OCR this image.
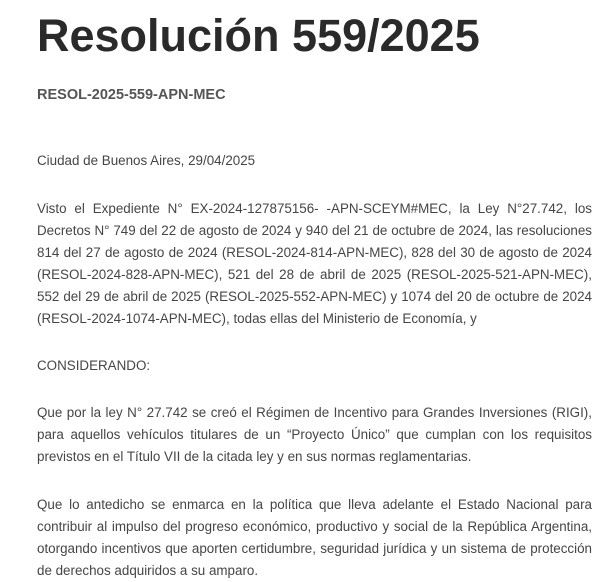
Resolución 559/2025
RESOL-2025-559-APN-MEC
Ciudad de Buenos Aires, 29/04/2025
Visto el Expediente N° EX-2024-127875156- -APN-SCEYM#MEC, la Ley N°27.742, los Decretos N° 749 del 22 de agosto de 2024 y 940 del 21 de octubre de 2024, las resoluciones 814 del 27 de agosto de 2024 (RESOL-2024-814-APN-MEC), 828 del 30 de agosto de 2024 (RESOL-2024-828-APN-MEC), 521 del 28 de abril de 2025 (RESOL-2025-521-APN-MEC), 552 del 29 de abril de 2025 (RESOL-2025-552-APN-MEC) y 1074 del 20 de octubre de 2024 (RESOL-2024-1074-APN-MEC), todas ellas del Ministerio de Economía, y
CONSIDERANDO:
Que por la ley N° 27.742 se creó el Régimen de Incentivo para Grandes Inversiones (RIGI), para aquellos vehículos titulares de un “Proyecto Único” que cumplan con los requisitos previstos en el Título VII de la citada ley y en sus normas reglamentarias.
Que lo antedicho se enmarca en la política que lleva adelante el Estado Nacional para contribuir al impulso del progreso económico, productivo y social de la República Argentina, otorgando incentivos que aporten certidumbre, seguridad jurídica y un sistema de protección de derechos adquiridos a su amparo.
